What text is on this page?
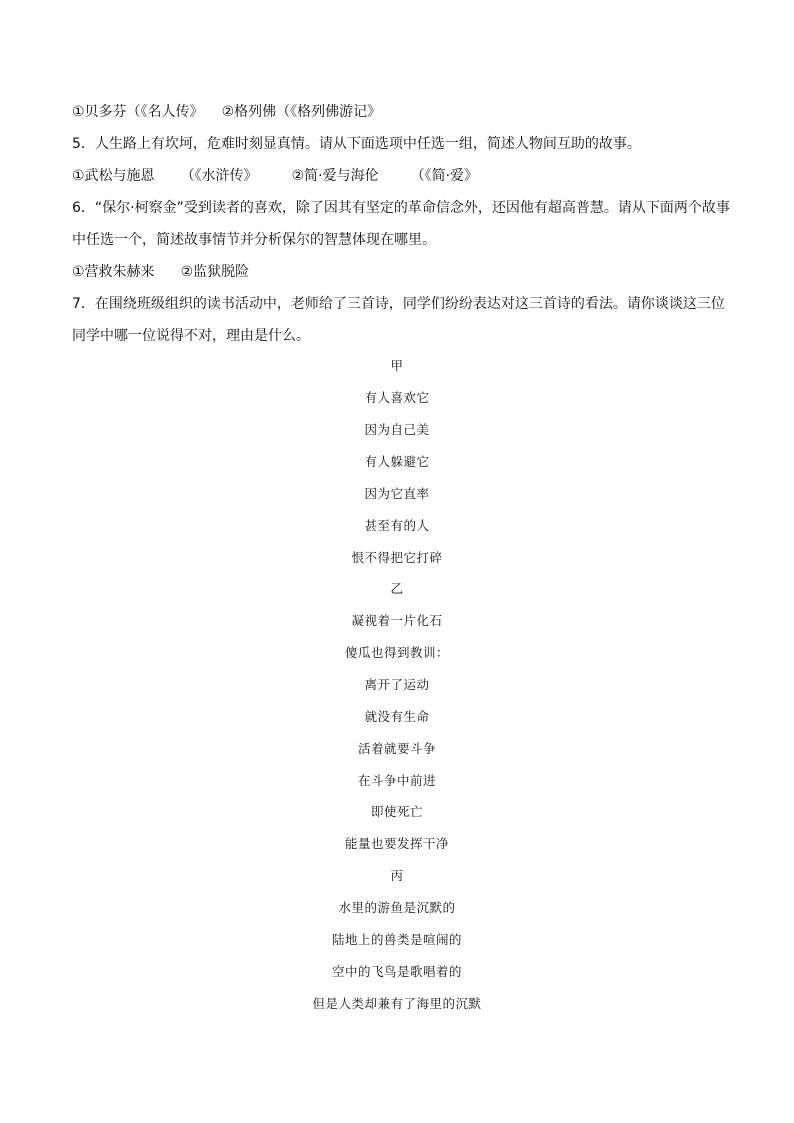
①贝多芬（《名人传》 ②格列佛（《格列佛游记》
5．人生路上有坎坷，危难时刻显真情。请从下面选项中任选一组，简述人物间互助的故事。
①武松与施恩 （《水浒传》 ②简·爱与海伦 （《简·爱》
6．“保尔·柯察金”受到读者的喜欢，除了因其有坚定的革命信念外，还因他有超高普慧。请从下面两个故事
中任选一个，简述故事情节并分析保尔的智慧体现在哪里。
①营救朱赫来 ②监狱脱险
7．在围绕班级组织的读书活动中，老师给了三首诗，同学们纷纷表达对这三首诗的看法。请你谈谈这三位
同学中哪一位说得不对，理由是什么。
甲
有人喜欢它
因为自己美
有人躲避它
因为它直率
甚至有的人
恨不得把它打碎
乙
凝视着一片化石
傻瓜也得到教训：
离开了运动
就没有生命
活着就要斗争
在斗争中前进
即使死亡
能量也要发挥干净
丙
水里的游鱼是沉默的
陆地上的兽类是喧闹的
空中的飞鸟是歌唱着的
但是人类却兼有了海里的沉默
